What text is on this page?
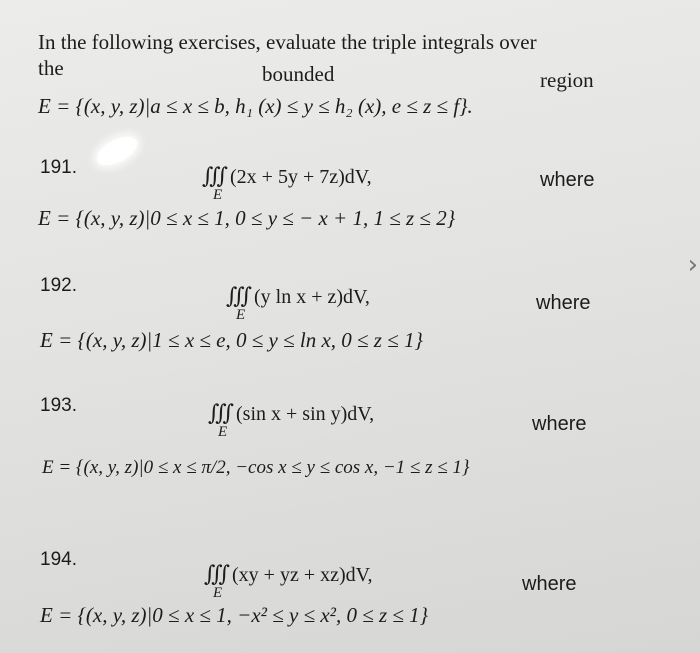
In the following exercises, evaluate the triple integrals over
the	bounded	region
E = {(x, y, z)|a ≤ x ≤ b, h₁ (x) ≤ y ≤ h₂ (x), e ≤ z ≤ f}.
191.	∭ (2x + 5y + 7z)dV,
E
where
E = {(x, y, z)|0 ≤ x ≤ 1, 0 ≤ y ≤ − x + 1, 1 ≤ z ≤ 2}
192.	∭ (y ln x + z)dV,
E
where
E = {(x, y, z)|1 ≤ x ≤ e, 0 ≤ y ≤ ln x, 0 ≤ z ≤ 1}
193.	∭ (sin x + sin y)dV,
E	where
E = {(x, y, z)|0 ≤ x ≤ π/2, −cos x ≤ y ≤ cos x, −1 ≤ z ≤ 1}
194.
∭ (xy + yz + xz)dV,
E	where
E = {(x, y, z)|0 ≤ x ≤ 1, −x² ≤ y ≤ x², 0 ≤ z ≤ 1}
›
